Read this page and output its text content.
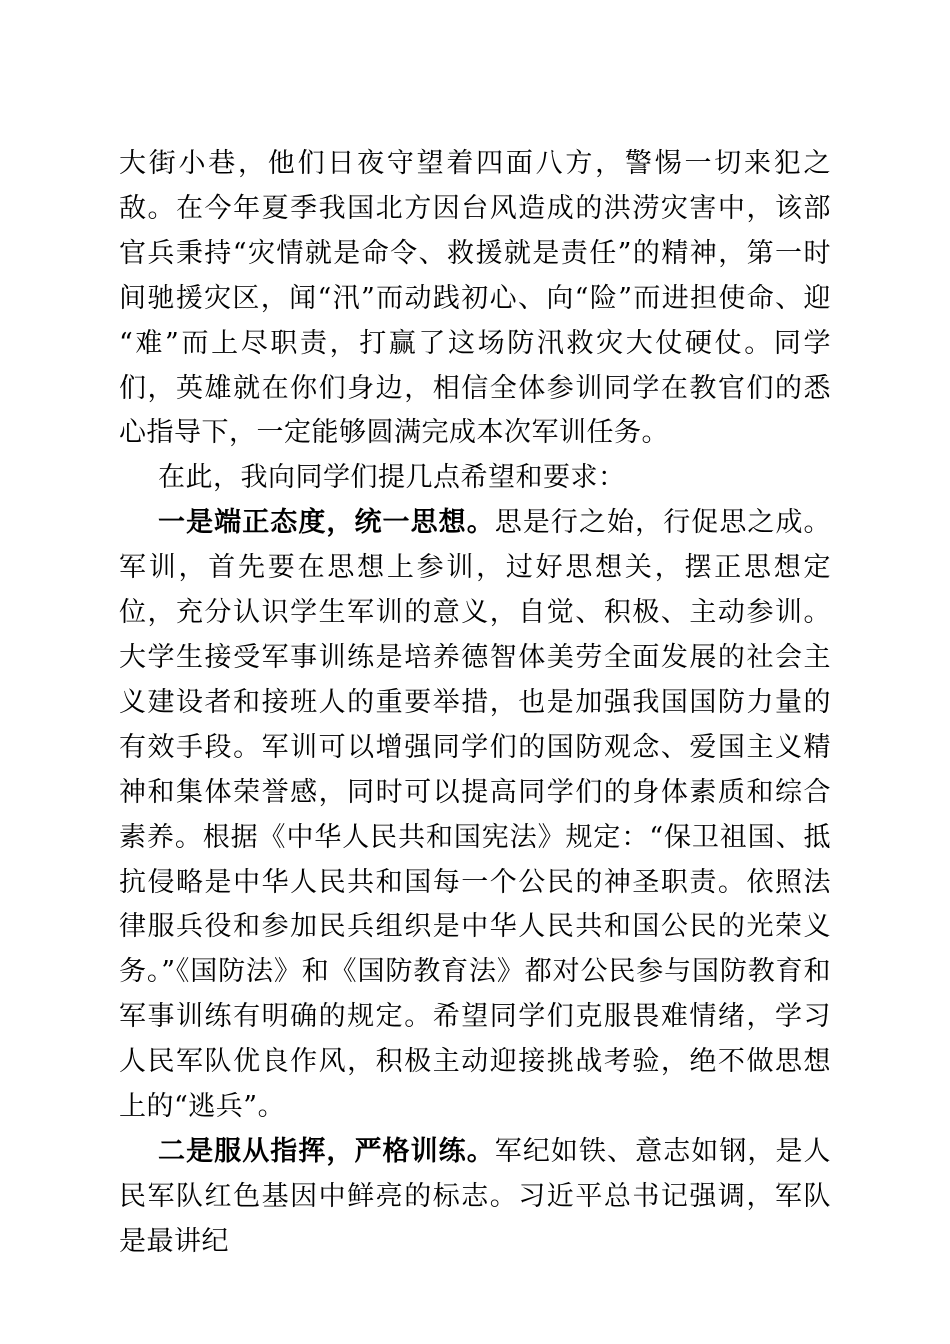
大街小巷，他们日夜守望着四面八方，警惕一切来犯之敌。在今年夏季我国北方因台风造成的洪涝灾害中，该部官兵秉持“灾情就是命令、救援就是责任”的精神，第一时间驰援灾区，闻“汛”而动践初心、向“险”而进担使命、迎“难”而上尽职责，打赢了这场防汛救灾大仗硬仗。同学们，英雄就在你们身边，相信全体参训同学在教官们的悉心指导下，一定能够圆满完成本次军训任务。

在此，我向同学们提几点希望和要求：

一是端正态度，统一思想。思是行之始，行促思之成。军训，首先要在思想上参训，过好思想关，摆正思想定位，充分认识学生军训的意义，自觉、积极、主动参训。大学生接受军事训练是培养德智体美劳全面发展的社会主义建设者和接班人的重要举措，也是加强我国国防力量的有效手段。军训可以增强同学们的国防观念、爱国主义精神和集体荣誉感，同时可以提高同学们的身体素质和综合素养。根据《中华人民共和国宪法》规定：“保卫祖国、抵抗侵略是中华人民共和国每一个公民的神圣职责。依照法律服兵役和参加民兵组织是中华人民共和国公民的光荣义务。”《国防法》和《国防教育法》都对公民参与国防教育和军事训练有明确的规定。希望同学们克服畏难情绪，学习人民军队优良作风，积极主动迎接挑战考验，绝不做思想上的“逃兵”。

二是服从指挥，严格训练。军纪如铁、意志如钢，是人民军队红色基因中鲜亮的标志。习近平总书记强调，军队是最讲纪
